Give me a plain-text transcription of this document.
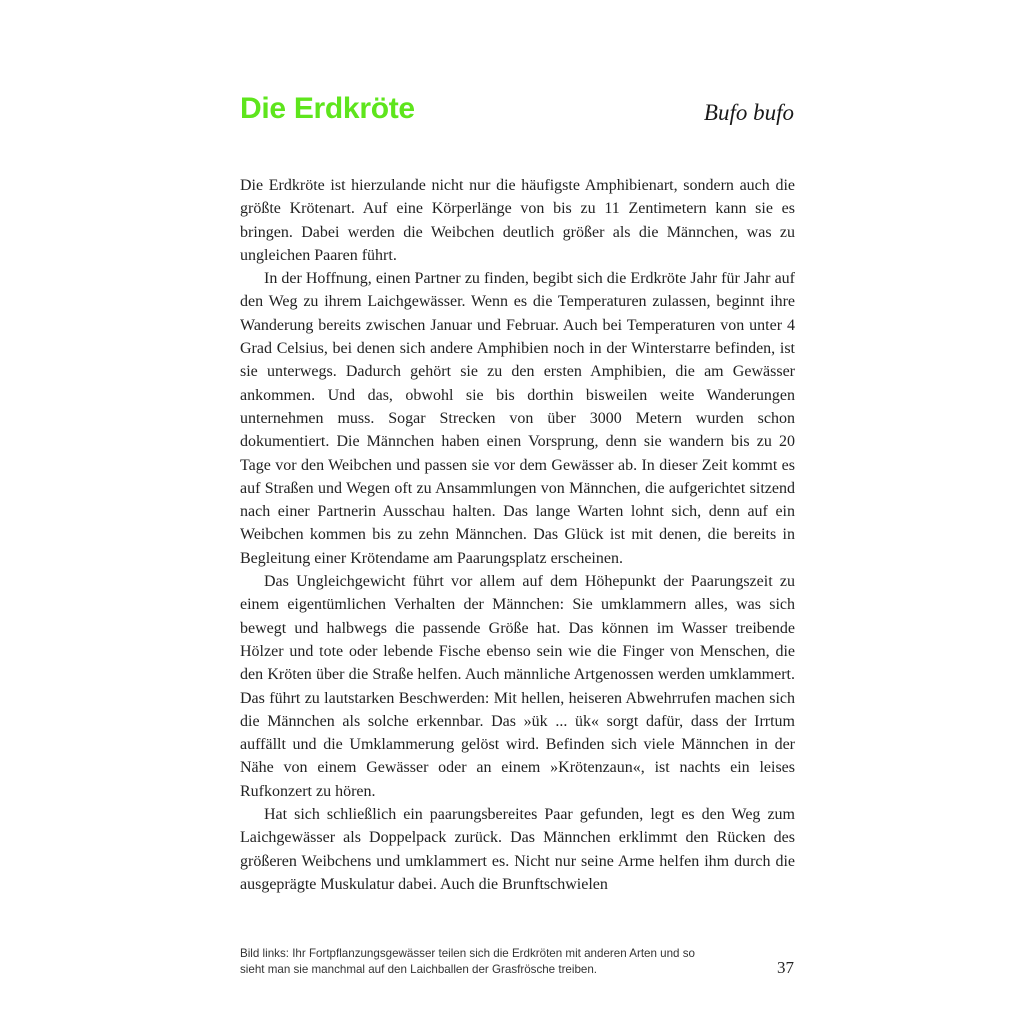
Die Erdkröte	Bufo bufo

Die Erdkröte ist hierzulande nicht nur die häufigste Amphibienart, sondern auch die größte Krötenart. Auf eine Körperlänge von bis zu 11 Zentimetern kann sie es bringen. Dabei werden die Weibchen deutlich größer als die Männchen, was zu ungleichen Paaren führt.

In der Hoffnung, einen Partner zu finden, begibt sich die Erdkröte Jahr für Jahr auf den Weg zu ihrem Laichgewässer. Wenn es die Temperaturen zulassen, beginnt ihre Wanderung bereits zwischen Januar und Februar. Auch bei Temperaturen von unter 4 Grad Celsius, bei denen sich andere Amphibien noch in der Winterstarre befinden, ist sie unterwegs. Dadurch gehört sie zu den ersten Amphibien, die am Gewässer ankommen. Und das, obwohl sie bis dorthin bisweilen weite Wanderungen unternehmen muss. Sogar Strecken von über 3000 Metern wurden schon dokumentiert. Die Männchen haben einen Vorsprung, denn sie wandern bis zu 20 Tage vor den Weibchen und passen sie vor dem Gewässer ab. In dieser Zeit kommt es auf Straßen und Wegen oft zu Ansammlungen von Männchen, die aufgerichtet sitzend nach einer Partnerin Ausschau halten. Das lange Warten lohnt sich, denn auf ein Weibchen kommen bis zu zehn Männchen. Das Glück ist mit denen, die bereits in Begleitung einer Krötendame am Paarungsplatz erscheinen.

Das Ungleichgewicht führt vor allem auf dem Höhepunkt der Paarungszeit zu einem eigentümlichen Verhalten der Männchen: Sie umklammern alles, was sich bewegt und halbwegs die passende Größe hat. Das können im Wasser treibende Hölzer und tote oder lebende Fische ebenso sein wie die Finger von Menschen, die den Kröten über die Straße helfen. Auch männliche Artgenossen werden umklammert. Das führt zu lautstarken Beschwerden: Mit hellen, heiseren Abwehrrufen machen sich die Männchen als solche erkennbar. Das »ük ... ük« sorgt dafür, dass der Irrtum auffällt und die Umklammerung gelöst wird. Befinden sich viele Männchen in der Nähe von einem Gewässer oder an einem »Krötenzaun«, ist nachts ein leises Rufkonzert zu hören.

Hat sich schließlich ein paarungsbereites Paar gefunden, legt es den Weg zum Laichgewässer als Doppelpack zurück. Das Männchen erklimmt den Rücken des größeren Weibchens und umklammert es. Nicht nur seine Arme helfen ihm durch die ausgeprägte Muskulatur dabei. Auch die Brunftschwielen

Bild links: Ihr Fortpflanzungsgewässer teilen sich die Erdkröten mit anderen Arten und so sieht man sie manchmal auf den Laichballen der Grasfrösche treiben.	37
